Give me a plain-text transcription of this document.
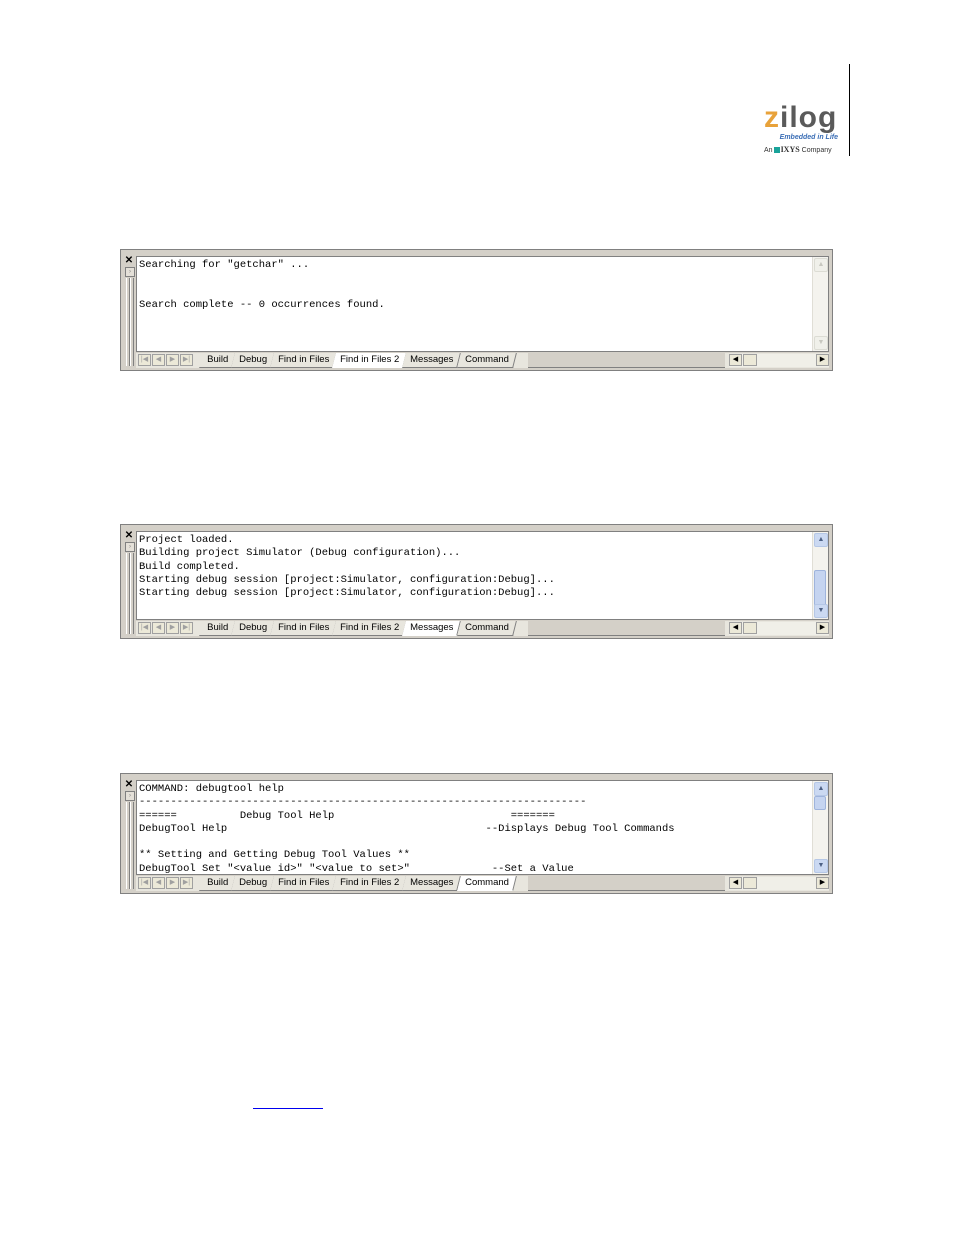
zilog
Embedded in Life
An IXYS Company
✕
›
Searching for "getchar" ...
Search complete -- 0 occurrences found.
▲
▼
|◀	◀	▶	▶|	Build	Debug	Find in Files	Find in Files 2	Messages	Command	◀	▶
✕
›
Project loaded.
Building project Simulator (Debug configuration)...
Build completed.
Starting debug session [project:Simulator, configuration:Debug]...
Starting debug session [project:Simulator, configuration:Debug]...
▲
▼
|◀	◀	▶	▶|	Build	Debug	Find in Files	Find in Files 2	Messages	Command	◀	▶
✕
›
COMMAND: debugtool help
-----------------------------------------------------------------------
======          Debug Tool Help                            =======
DebugTool Help                                         --Displays Debug Tool Commands
** Setting and Getting Debug Tool Values **
DebugTool Set "<value id>" "<value to set>"             --Set a Value
▲
▼
|◀	◀	▶	▶|	Build	Debug	Find in Files	Find in Files 2	Messages	Command	◀	▶
